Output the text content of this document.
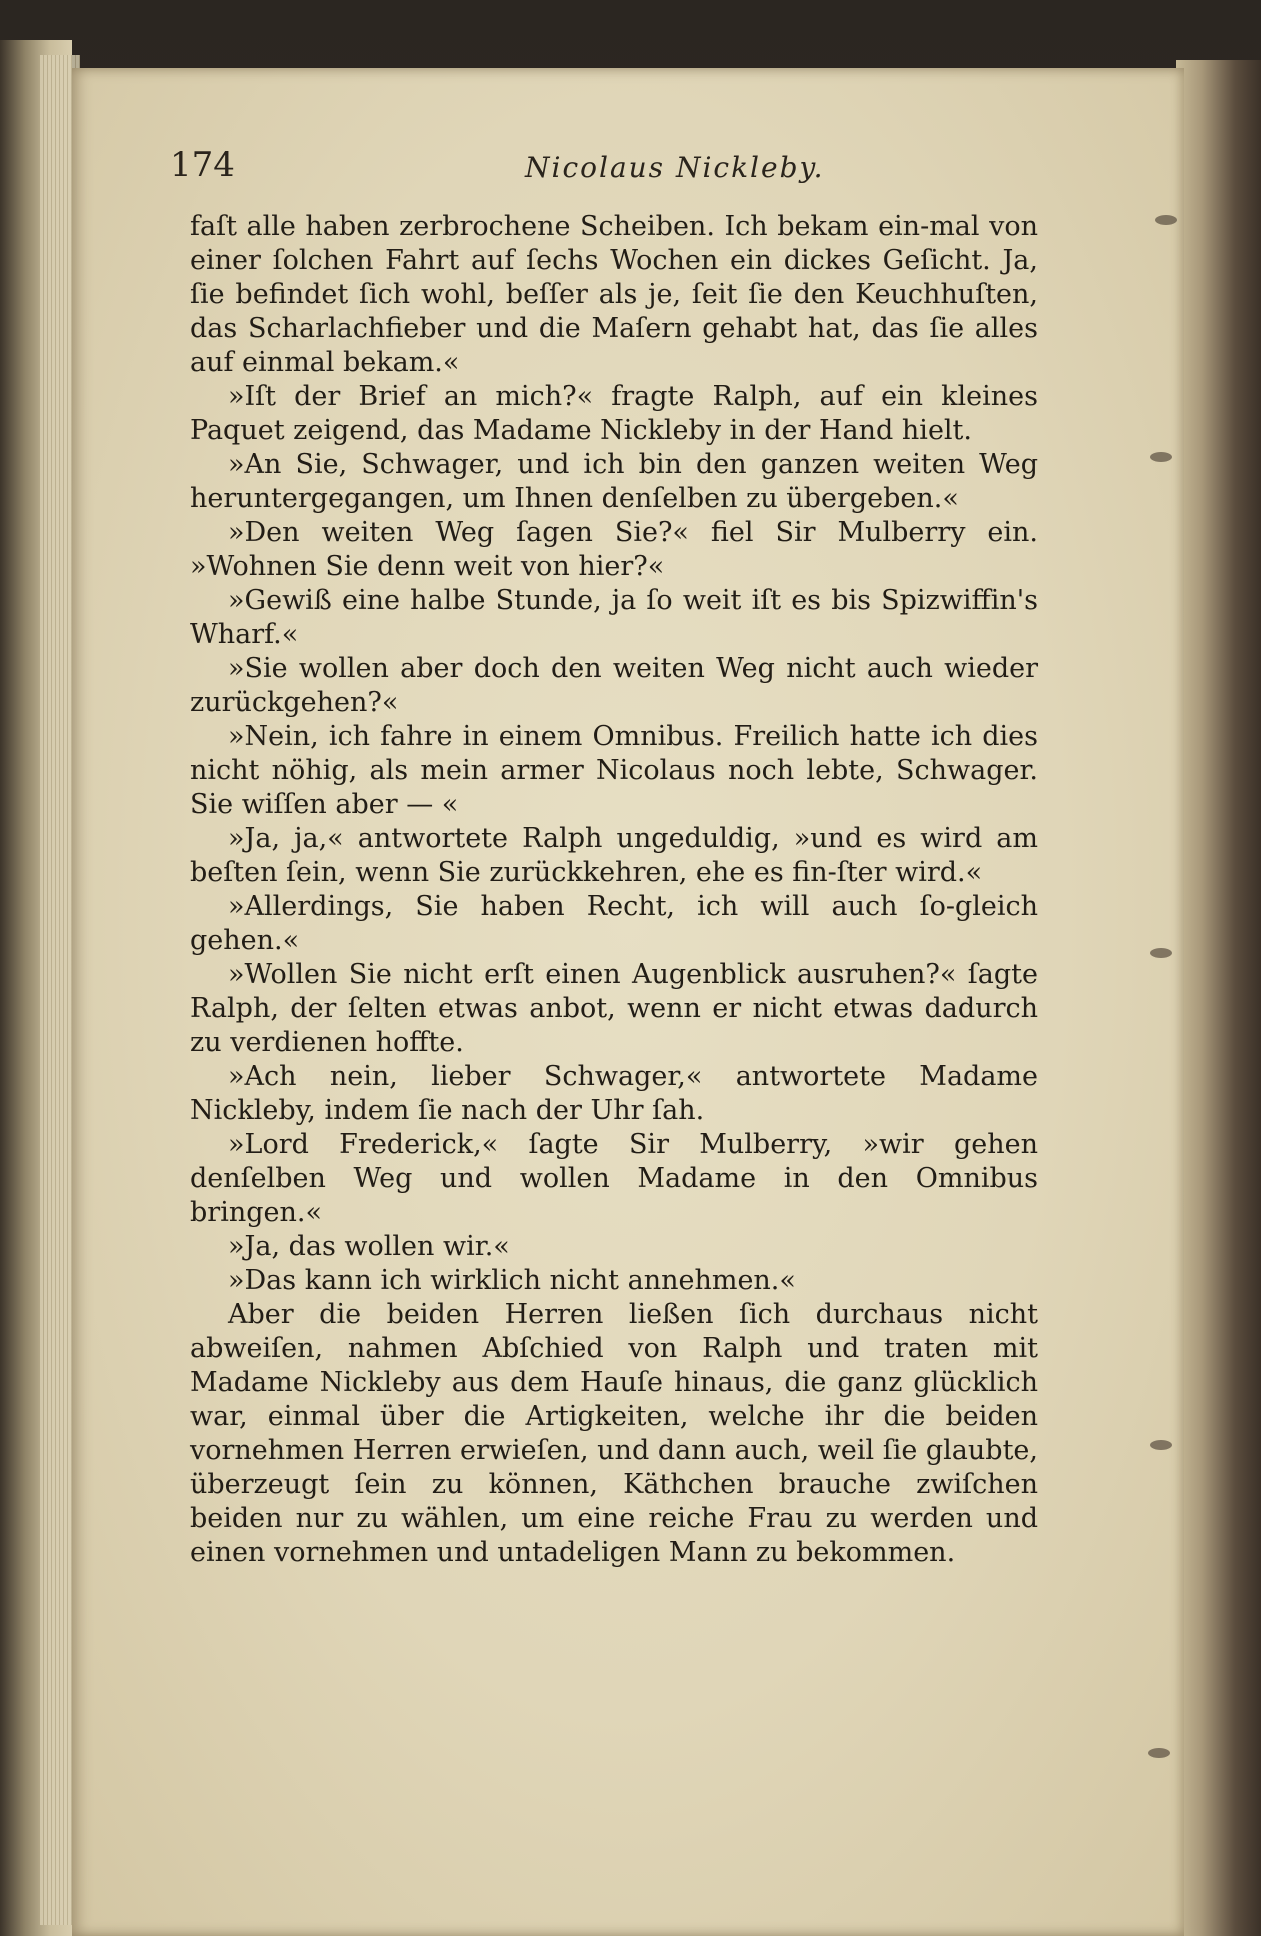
174	Nicolaus Nickleby.

faſt alle haben zerbrochene Scheiben. Ich bekam ein-mal von einer ſolchen Fahrt auf ſechs Wochen ein dickes Geſicht. Ja, ſie befindet ſich wohl, beſſer als je, ſeit ſie den Keuchhuſten, das Scharlachfieber und die Maſern gehabt hat, das ſie alles auf einmal bekam.«

»Iſt der Brief an mich?« fragte Ralph, auf ein kleines Paquet zeigend, das Madame Nickleby in der Hand hielt.

»An Sie, Schwager, und ich bin den ganzen weiten Weg heruntergegangen, um Ihnen denſelben zu übergeben.«

»Den weiten Weg ſagen Sie?« fiel Sir Mulberry ein. »Wohnen Sie denn weit von hier?«

»Gewiß eine halbe Stunde, ja ſo weit iſt es bis Spizwiffin's Wharf.«

»Sie wollen aber doch den weiten Weg nicht auch wieder zurückgehen?«

»Nein, ich fahre in einem Omnibus. Freilich hatte ich dies nicht nöhig, als mein armer Nicolaus noch lebte, Schwager. Sie wiſſen aber — «

»Ja, ja,« antwortete Ralph ungeduldig, »und es wird am beſten ſein, wenn Sie zurückkehren, ehe es fin-ſter wird.«

»Allerdings, Sie haben Recht, ich will auch ſo-gleich gehen.«

»Wollen Sie nicht erſt einen Augenblick ausruhen?« ſagte Ralph, der ſelten etwas anbot, wenn er nicht etwas dadurch zu verdienen hoffte.

»Ach nein, lieber Schwager,« antwortete Madame Nickleby, indem ſie nach der Uhr ſah.

»Lord Frederick,« ſagte Sir Mulberry, »wir gehen denſelben Weg und wollen Madame in den Omnibus bringen.«

»Ja, das wollen wir.«

»Das kann ich wirklich nicht annehmen.«

Aber die beiden Herren ließen ſich durchaus nicht abweiſen, nahmen Abſchied von Ralph und traten mit Madame Nickleby aus dem Hauſe hinaus, die ganz glücklich war, einmal über die Artigkeiten, welche ihr die beiden vornehmen Herren erwieſen, und dann auch, weil ſie glaubte, überzeugt ſein zu können, Käthchen brauche zwiſchen beiden nur zu wählen, um eine reiche Frau zu werden und einen vornehmen und untadeligen Mann zu bekommen.
